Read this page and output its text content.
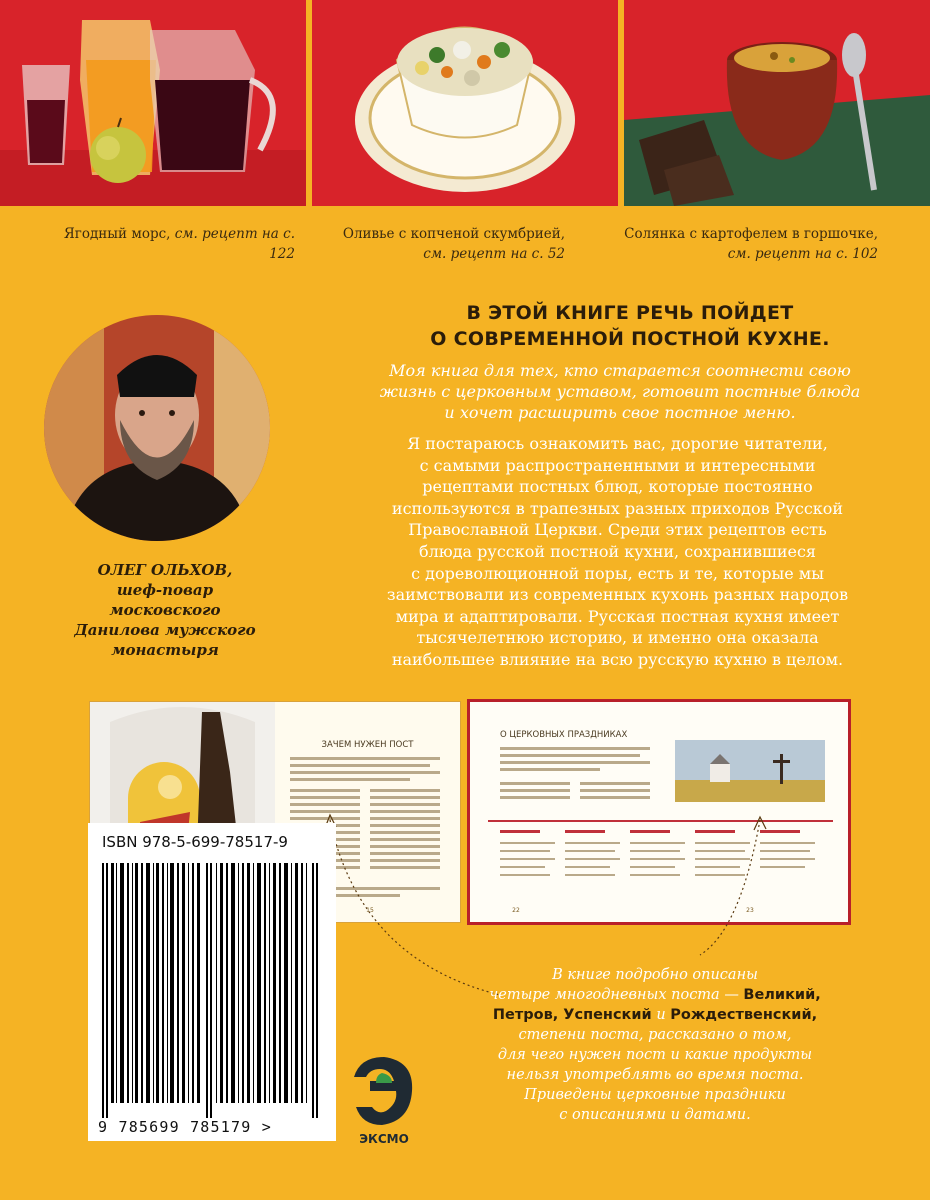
Ягодный морс, см. рецепт на с. 122
Оливье с копченой скумбрией,
см. рецепт на с. 52
Солянка с картофелем в горшочке,
см. рецепт на с. 102
ОЛЕГ ОЛЬХОВ,
шеф-повар московского
Данилова мужского
монастыря
В ЭТОЙ КНИГЕ РЕЧЬ ПОЙДЕТ
О СОВРЕМЕННОЙ ПОСТНОЙ КУХНЕ.
Моя книга для тех, кто старается соотнести свою
жизнь с церковным уставом, готовит постные блюда
и хочет расширить свое постное меню.
Я постараюсь ознакомить вас, дорогие читатели,
с самыми распространенными и интересными
рецептами постных блюд, которые постоянно
используются в трапезных разных приходов Русской
Православной Церкви. Среди этих рецептов есть
блюда русской постной кухни, сохранившиеся
с дореволюционной поры, есть и те, которые мы
заимствовали из современных кухонь разных народов
мира и адаптировали. Русская постная кухня имеет
тысячелетнюю историю, и именно она оказала
наибольшее влияние на всю русскую кухню в целом.
ЗАЧЕМ НУЖЕН ПОСТ
15
О ЦЕРКОВНЫХ ПРАЗДНИКАХ
22	23
В книге подробно описаны
четыре многодневных поста — Великий,
Петров, Успенский и Рождественский,
степени поста, рассказано о том,
для чего нужен пост и какие продукты
нельзя употреблять во время поста.
Приведены церковные праздники
с описаниями и датами.
ISBN 978-5-699-78517-9
9 785699 785179 >
ЭКСМО
